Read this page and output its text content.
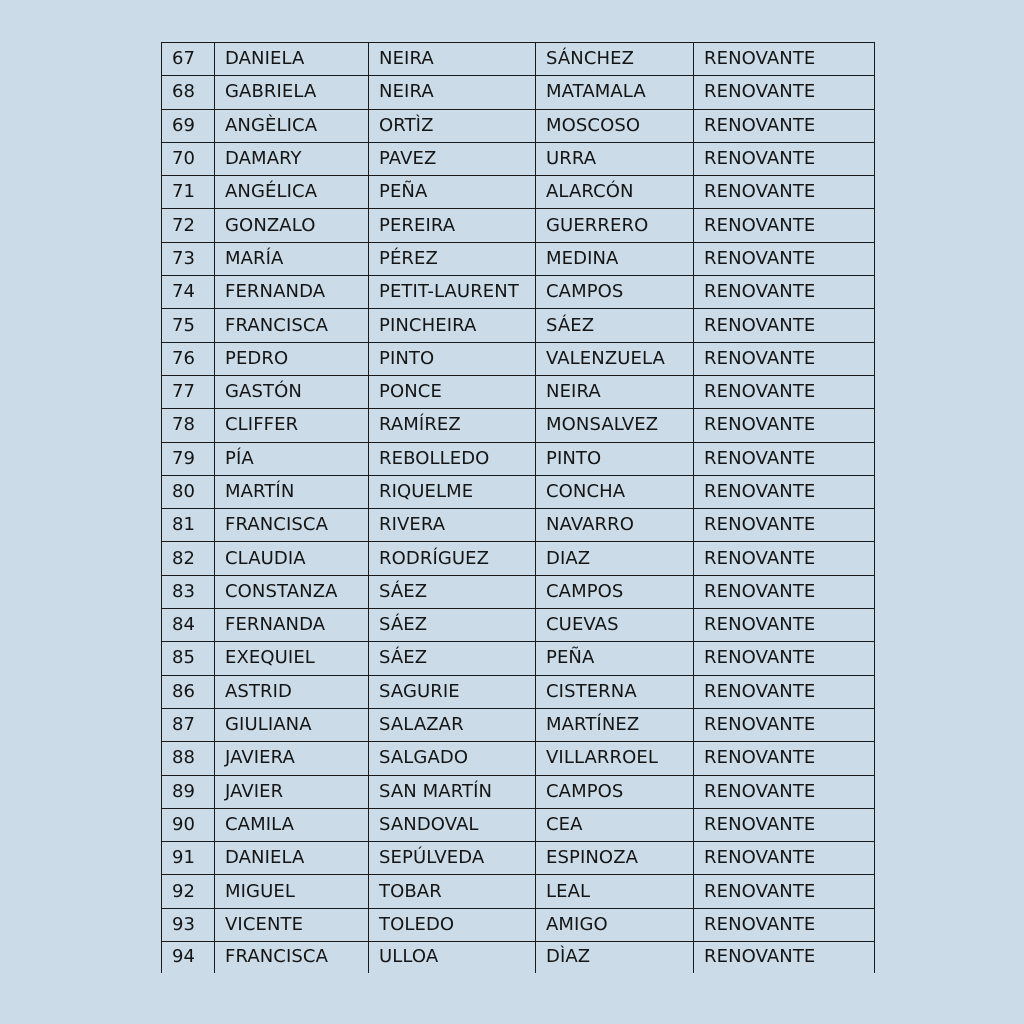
67	DANIELA	NEIRA	SÁNCHEZ	RENOVANTE
68	GABRIELA	NEIRA	MATAMALA	RENOVANTE
69	ANGÈLICA	ORTÌZ	MOSCOSO	RENOVANTE
70	DAMARY	PAVEZ	URRA	RENOVANTE
71	ANGÉLICA	PEÑA	ALARCÓN	RENOVANTE
72	GONZALO	PEREIRA	GUERRERO	RENOVANTE
73	MARÍA	PÉREZ	MEDINA	RENOVANTE
74	FERNANDA	PETIT-LAURENT	CAMPOS	RENOVANTE
75	FRANCISCA	PINCHEIRA	SÁEZ	RENOVANTE
76	PEDRO	PINTO	VALENZUELA	RENOVANTE
77	GASTÓN	PONCE	NEIRA	RENOVANTE
78	CLIFFER	RAMÍREZ	MONSALVEZ	RENOVANTE
79	PÍA	REBOLLEDO	PINTO	RENOVANTE
80	MARTÍN	RIQUELME	CONCHA	RENOVANTE
81	FRANCISCA	RIVERA	NAVARRO	RENOVANTE
82	CLAUDIA	RODRÍGUEZ	DIAZ	RENOVANTE
83	CONSTANZA	SÁEZ	CAMPOS	RENOVANTE
84	FERNANDA	SÁEZ	CUEVAS	RENOVANTE
85	EXEQUIEL	SÁEZ	PEÑA	RENOVANTE
86	ASTRID	SAGURIE	CISTERNA	RENOVANTE
87	GIULIANA	SALAZAR	MARTÍNEZ	RENOVANTE
88	JAVIERA	SALGADO	VILLARROEL	RENOVANTE
89	JAVIER	SAN MARTÍN	CAMPOS	RENOVANTE
90	CAMILA	SANDOVAL	CEA	RENOVANTE
91	DANIELA	SEPÚLVEDA	ESPINOZA	RENOVANTE
92	MIGUEL	TOBAR	LEAL	RENOVANTE
93	VICENTE	TOLEDO	AMIGO	RENOVANTE
94	FRANCISCA	ULLOA	DÌAZ	RENOVANTE
